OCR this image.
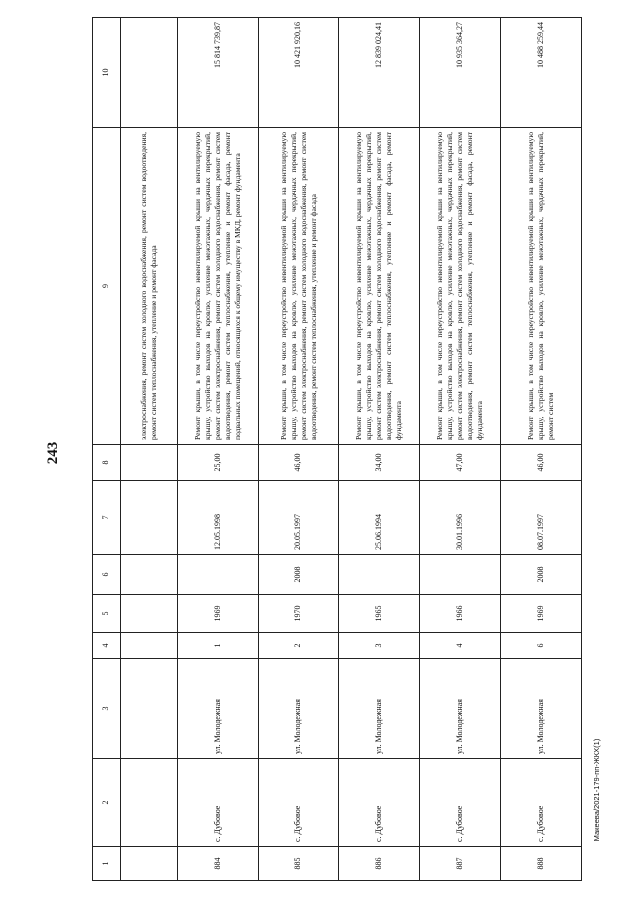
243
1	2	3	4	5	6	7	8	9	10
								электроснабжения, ремонт систем холодного водоснабжения, ремонт систем водоотведения, ремонт систем теплоснабжения, утепление и ремонт фасада	
884	с. Дубовое	ул. Молодежная	1	1969		12.05.1998	25,00	Ремонт крыши, в том числе переустройство невентилируемой крыши на вентилируемую крышу, устройство выходов на кровлю, усиление межэтажных, чердачных перекрытий, ремонт систем электроснабжения, ремонт систем холодного водоснабжения, ремонт систем водоотведения, ремонт систем теплоснабжения, утепление и ремонт фасада, ремонт подвальных помещений, относящихся к общему имуществу в МКД, ремонт фундамента	15 814 739,87
885	с. Дубовое	ул. Молодежная	2	1970	2008	20.05.1997	46,00	Ремонт крыши, в том числе переустройство невентилируемой крыши на вентилируемую крышу, устройство выходов на кровлю, усиление межэтажных, чердачных перекрытий, ремонт систем электроснабжения, ремонт систем холодного водоснабжения, ремонт систем водоотведения, ремонт систем теплоснабжения, утепление и ремонт фасада	10 421 920,16
886	с. Дубовое	ул. Молодежная	3	1965		25.06.1994	34,00	Ремонт крыши, в том числе переустройство невентилируемой крыши на вентилируемую крышу, устройство выходов на кровлю, усиление межэтажных, чердачных перекрытий, ремонт систем электроснабжения, ремонт систем холодного водоснабжения, ремонт систем водоотведения, ремонт систем теплоснабжения, утепление и ремонт фасада, ремонт фундамента	12 839 024,41
887	с. Дубовое	ул. Молодежная	4	1966		30.01.1996	47,00	Ремонт крыши, в том числе переустройство невентилируемой крыши на вентилируемую крышу, устройство выходов на кровлю, усиление межэтажных, чердачных перекрытий, ремонт систем электроснабжения, ремонт систем холодного водоснабжения, ремонт систем водоотведения, ремонт систем теплоснабжения, утепление и ремонт фасада, ремонт фундамента	10 935 364,27
888	с. Дубовое	ул. Молодежная	6	1969	2008	08.07.1997	46,00	Ремонт крыши, в том числе переустройство невентилируемой крыши на вентилируемую крышу, устройство выходов на кровлю, усиление межэтажных, чердачных перекрытий, ремонт систем	10 488 259,44
Макеева/2021-179-пп-ЖКХ(1)
